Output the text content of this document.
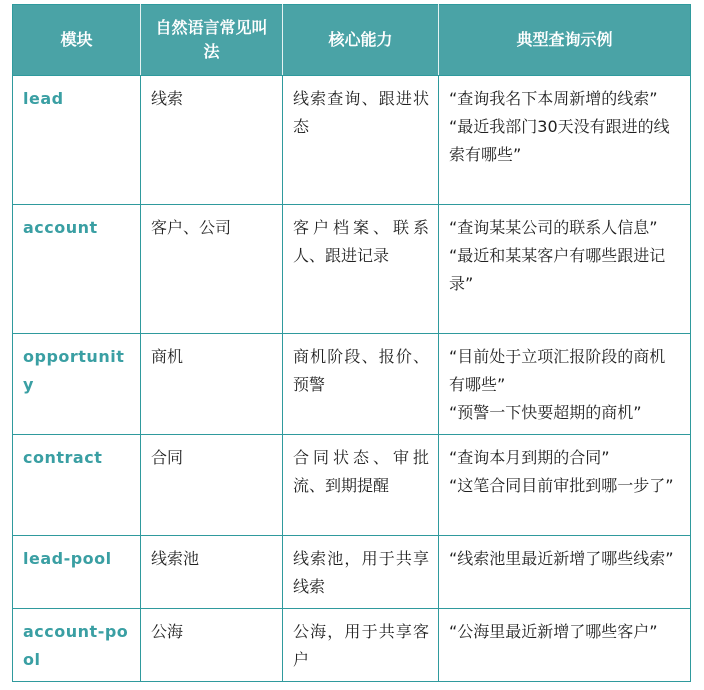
模块	自然语言常见叫法	核心能力	典型查询示例
lead	线索	线索查询、跟进状态	“查询我名下本周新增的线索”
“最近我部门30天没有跟进的线索有哪些”

account	客户、公司	客户档案、联系人、跟进记录	“查询某某公司的联系人信息”
“最近和某某客户有哪些跟进记录”

opportunity	商机	商机阶段、报价、预警	“目前处于立项汇报阶段的商机有哪些”
“预警一下快要超期的商机”

contract	合同	合同状态、审批流、到期提醒	“查询本月到期的合同”
“这笔合同目前审批到哪一步了”

lead-pool	线索池	线索池，用于共享线索	“线索池里最近新增了哪些线索”

account-pool	公海	公海，用于共享客户	“公海里最近新增了哪些客户”
